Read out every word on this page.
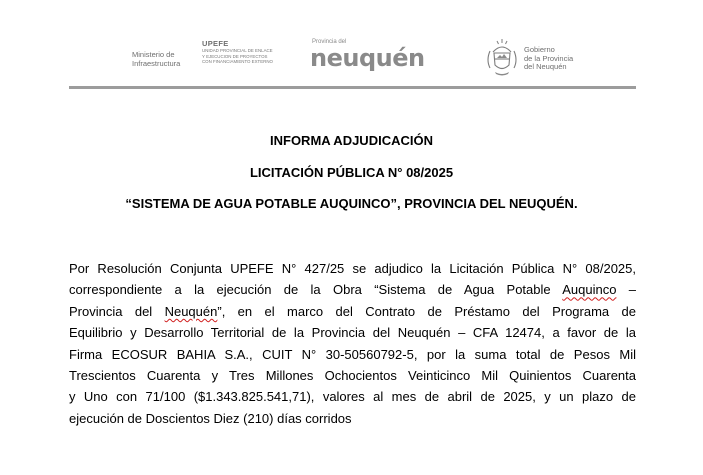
Ministerio de
Infraestructura
UPEFE
UNIDAD PROVINCIAL DE ENLACE
Y EJECUCION DE PROYECTOS
CON FINANCIAMIENTO EXTERNO
Provincia del
neuquén	Gobierno
de la Provincia
del Neuquén
INFORMA ADJUDICACIÓN
LICITACIÓN PÚBLICA N° 08/2025
“SISTEMA DE AGUA POTABLE AUQUINCO”, PROVINCIA DEL NEUQUÉN.
Por Resolución Conjunta UPEFE N° 427/25 se adjudico la Licitación Pública N° 08/2025,
correspondiente a la ejecución de la Obra “Sistema de Agua Potable Auquinco –
Provincia del Neuquén”, en el marco del Contrato de Préstamo del Programa de
Equilibrio y Desarrollo Territorial de la Provincia del Neuquén – CFA 12474, a favor de la
Firma ECOSUR BAHIA S.A., CUIT N° 30-50560792-5, por la suma total de Pesos Mil
Trescientos Cuarenta y Tres Millones Ochocientos Veinticinco Mil Quinientos Cuarenta
y Uno con 71/100 ($1.343.825.541,71), valores al mes de abril de 2025, y un plazo de
ejecución de Doscientos Diez (210) días corridos
